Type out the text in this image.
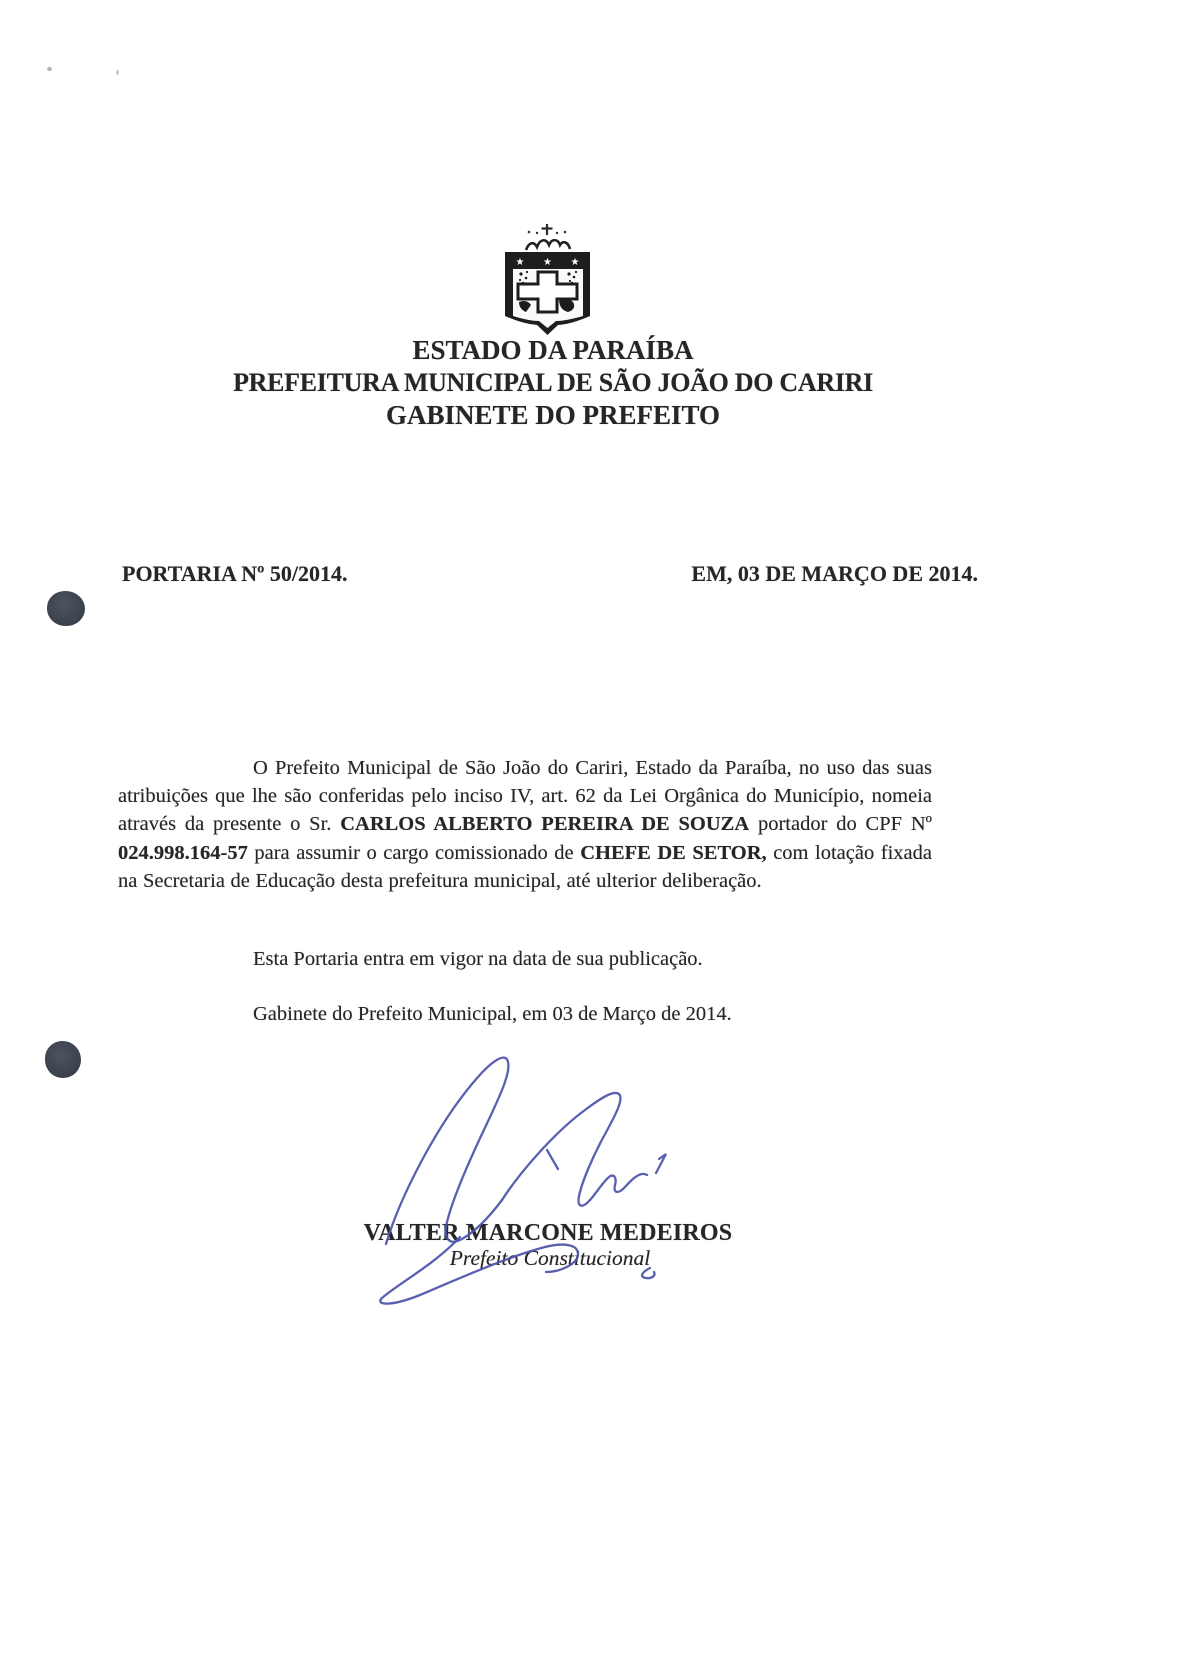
★ ★ ★
ESTADO DA PARAÍBA
PREFEITURA MUNICIPAL DE SÃO JOÃO DO CARIRI
GABINETE DO PREFEITO
PORTARIA Nº 50/2014.	EM, 03 DE MARÇO DE 2014.

O Prefeito Municipal de São João do Cariri, Estado da Paraíba, no uso das suas atribuições que lhe são conferidas pelo inciso IV, art. 62 da Lei Orgânica do Município, nomeia através da presente o Sr. CARLOS ALBERTO PEREIRA DE SOUZA portador do CPF Nº 024.998.164-57 para assumir o cargo comissionado de CHEFE DE SETOR, com lotação fixada na Secretaria de Educação desta prefeitura municipal, até ulterior deliberação.

Esta Portaria entra em vigor na data de sua publicação.

Gabinete do Prefeito Municipal, em 03 de Março de 2014.

VALTER MARCONE MEDEIROS
Prefeito Constitucional
